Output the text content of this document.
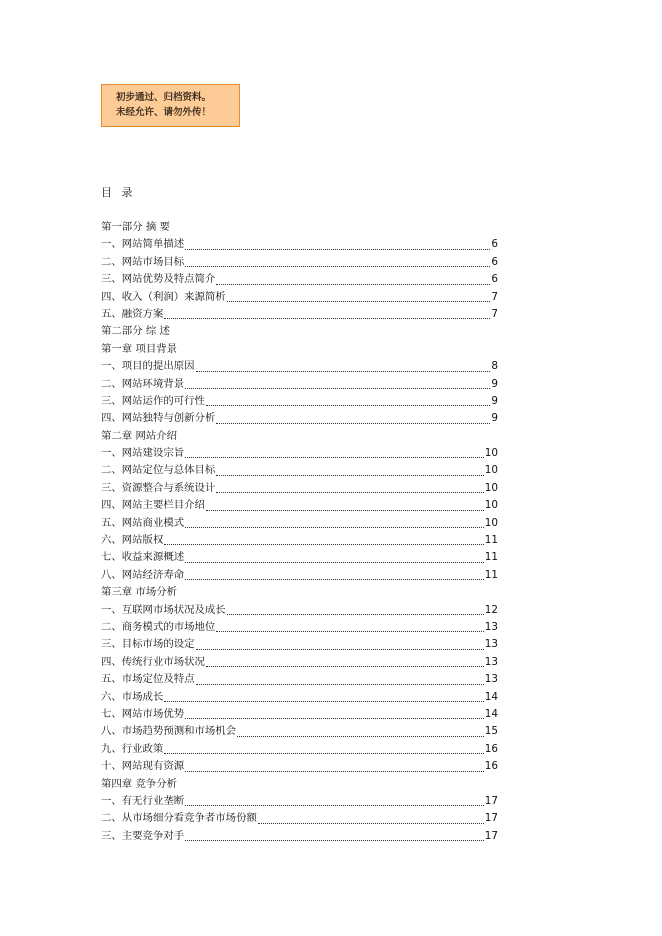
初步通过、归档资料。
未经允许、请勿外传！
目 录
第一部分 摘 要
一、网站简单描述	6
二、网站市场目标	6
三、网站优势及特点简介	6
四、收入（利润）来源简析	7
五、融资方案	7
第二部分 综 述
第一章 项目背景
一、项目的提出原因	8
二、网站环境背景	9
三、网站运作的可行性	9
四、网站独特与创新分析	9
第二章 网站介绍
一、网站建设宗旨	10
二、网站定位与总体目标	10
三、资源整合与系统设计	10
四、网站主要栏目介绍	10
五、网站商业模式	10
六、网站版权	11
七、收益来源概述	11
八、网站经济寿命	11
第三章 市场分析
一、互联网市场状况及成长	12
二、商务模式的市场地位	13
三、目标市场的设定	13
四、传统行业市场状况	13
五、市场定位及特点	13
六、市场成长	14
七、网站市场优势	14
八、市场趋势预测和市场机会	15
九、行业政策	16
十、网站现有资源	16
第四章 竞争分析
一、有无行业垄断	17
二、从市场细分看竞争者市场份额	17
三、主要竞争对手	17
